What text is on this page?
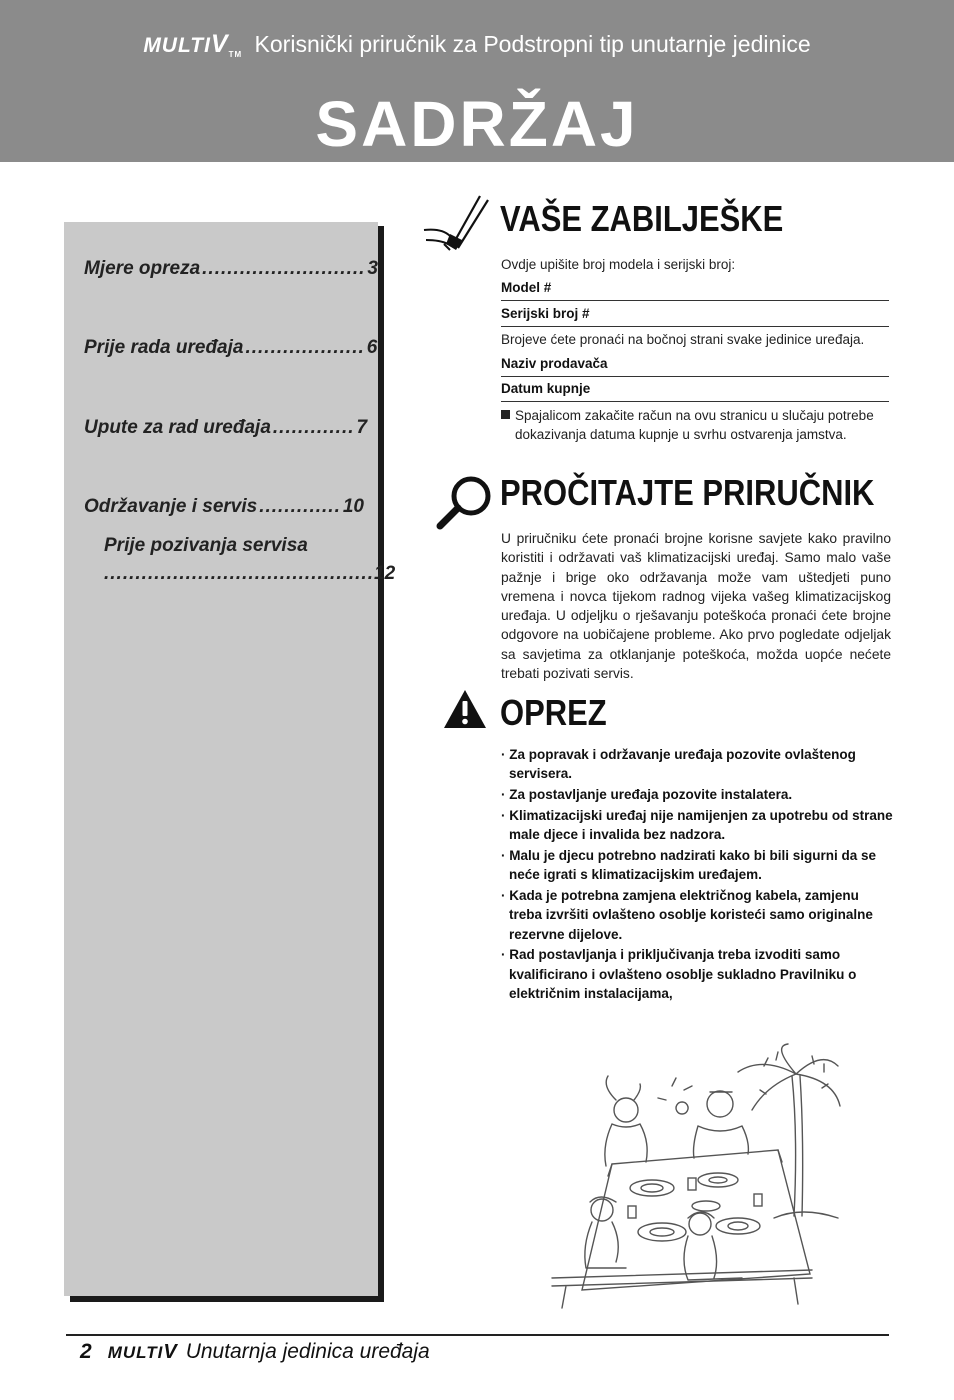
MULTIVTM Korisnički priručnik za Podstropni tip unutarnje jedinice
SADRŽAJ
Mjere opreza .......................... 3
Prije rada uređaja ................... 6
Upute za rad uređaja ............. 7
Održavanje i servis ............. 10
Prije pozivanja servisa
........................................... 12
VAŠE ZABILJEŠKE
Ovdje upišite broj modela i serijski broj:
Model #
Serijski broj #
Brojeve ćete pronaći na bočnoj strani svake jedinice uređaja.
Naziv prodavača
Datum kupnje
Spajalicom zakačite račun na ovu stranicu u slučaju potrebe dokazivanja datuma kupnje u svrhu ostvarenja jamstva.
PROČITAJTE PRIRUČNIK
U priručniku ćete pronaći brojne korisne savjete kako pravilno koristiti i održavati vaš klimatizacijski uređaj. Samo malo vaše pažnje i brige oko održavanja može vam uštedjeti puno vremena i novca tijekom radnog vijeka vašeg klimatizacijskog uređaja. U odjeljku o rješavanju poteškoća pronaći ćete brojne odgovore na uobičajene probleme. Ako prvo pogledate odjeljak sa savjetima za otklanjanje poteškoća, možda uopće nećete trebati pozivati servis.
OPREZ
· Za popravak i održavanje uređaja pozovite ovlaštenog servisera.
· Za postavljanje uređaja pozovite instalatera.
· Klimatizacijski uređaj nije namijenjen za upotrebu od strane male djece i invalida bez nadzora.
· Malu je djecu potrebno nadzirati kako bi bili sigurni da se neće igrati s klimatizacijskim uređajem.
· Kada je potrebna zamjena električnog kabela, zamjenu treba izvršiti ovlašteno osoblje koristeći samo originalne rezervne dijelove.
· Rad postavljanja i priključivanja treba izvoditi samo kvalificirano i ovlašteno osoblje sukladno Pravilniku o električnim instalacijama,
2 MULTIV Unutarnja jedinica uređaja
